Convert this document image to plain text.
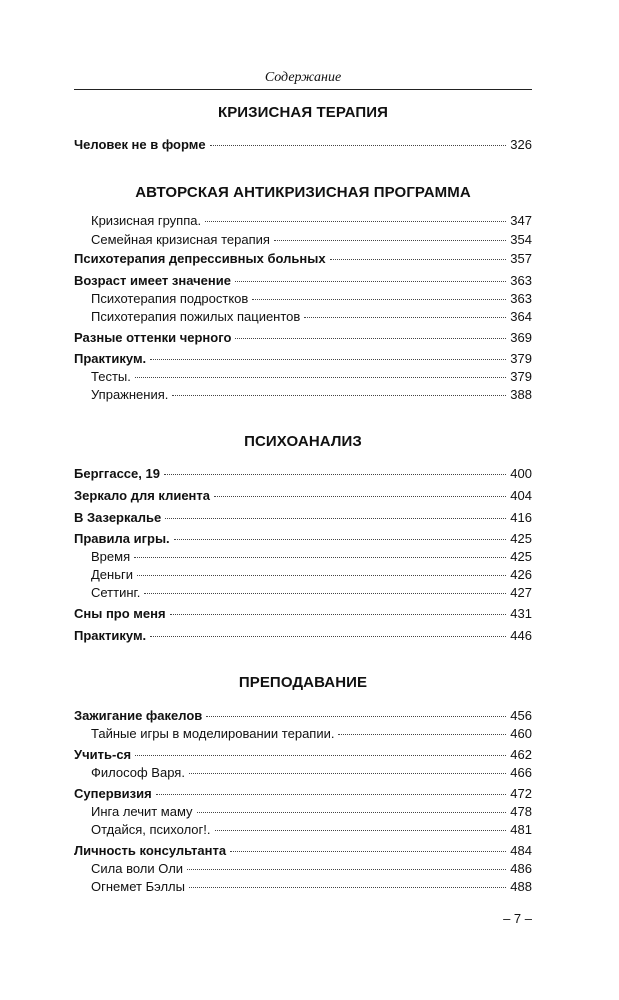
Содержание
КРИЗИСНАЯ ТЕРАПИЯ
Человек не в форме	326
АВТОРСКАЯ АНТИКРИЗИСНАЯ ПРОГРАММА
Кризисная группа.	347
Семейная кризисная терапия	354
Психотерапия депрессивных больных	357
Возраст имеет значение	363
Психотерапия подростков	363
Психотерапия пожилых пациентов	364
Разные оттенки черного	369
Практикум.	379
Тесты.	379
Упражнения.	388
ПСИХОАНАЛИЗ
Берггассе, 19	400
Зеркало для клиента	404
В Зазеркалье	416
Правила игры.	425
Время	425
Деньги	426
Сеттинг.	427
Сны про меня	431
Практикум.	446
ПРЕПОДАВАНИЕ
Зажигание факелов	456
Тайные игры в моделировании терапии.	460
Учить-ся	462
Философ Варя.	466
Супервизия	472
Инга лечит маму	478
Отдайся, психолог!.	481
Личность консультанта	484
Сила воли Оли	486
Огнемет Бэллы	488
– 7 –
